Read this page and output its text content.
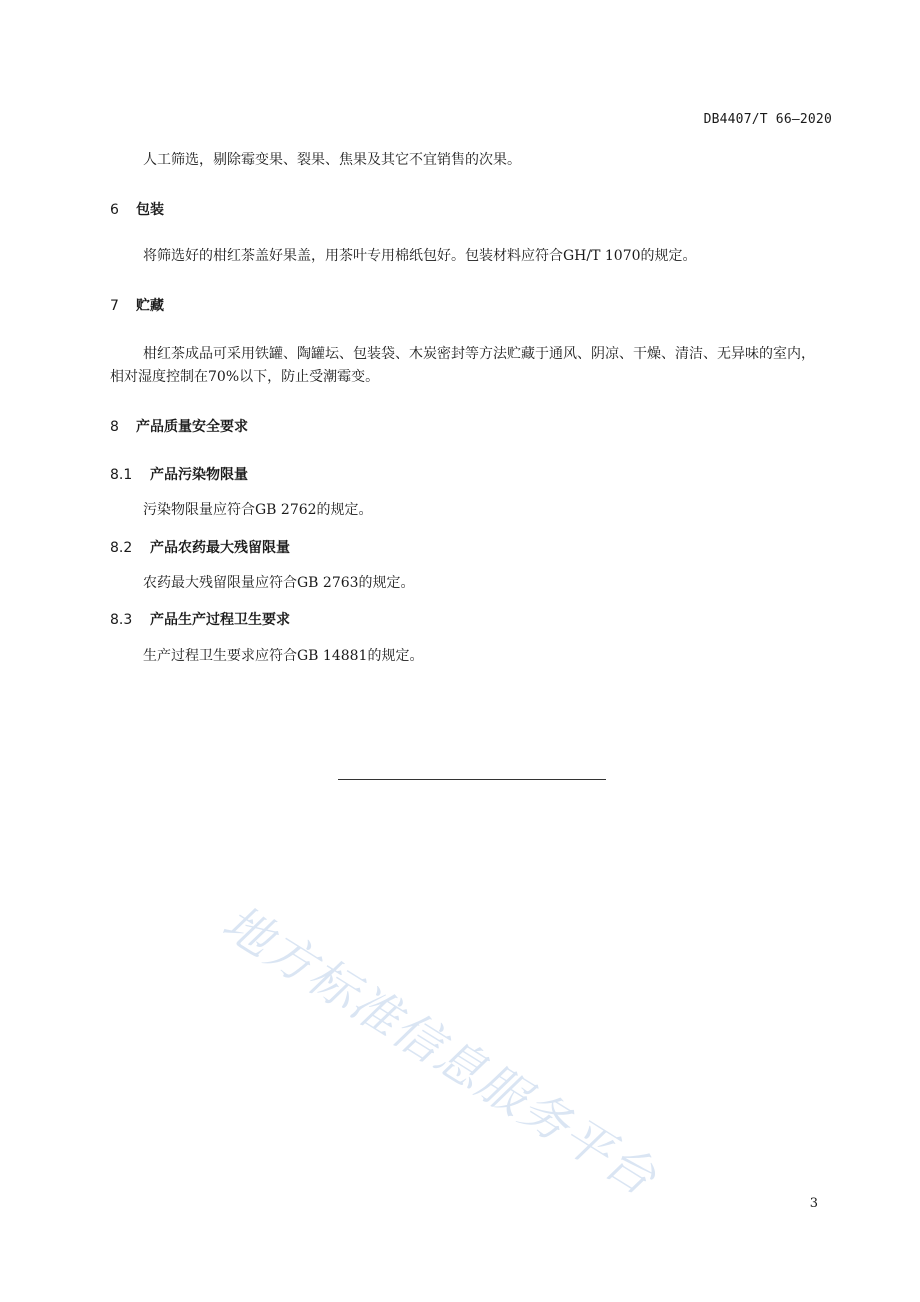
DB4407/T 66—2020

人工筛选，剔除霉变果、裂果、焦果及其它不宜销售的次果。

6 包装

将筛选好的柑红茶盖好果盖，用茶叶专用棉纸包好。包装材料应符合GH/T 1070的规定。

7 贮藏

柑红茶成品可采用铁罐、陶罐坛、包装袋、木炭密封等方法贮藏于通风、阴凉、干燥、清洁、无异味的室内，相对湿度控制在70%以下，防止受潮霉变。

8 产品质量安全要求
8.1 产品污染物限量

污染物限量应符合GB 2762的规定。

8.2 产品农药最大残留限量

农药最大残留限量应符合GB 2763的规定。

8.3 产品生产过程卫生要求

生产过程卫生要求应符合GB 14881的规定。

地方标准信息服务平台	3
